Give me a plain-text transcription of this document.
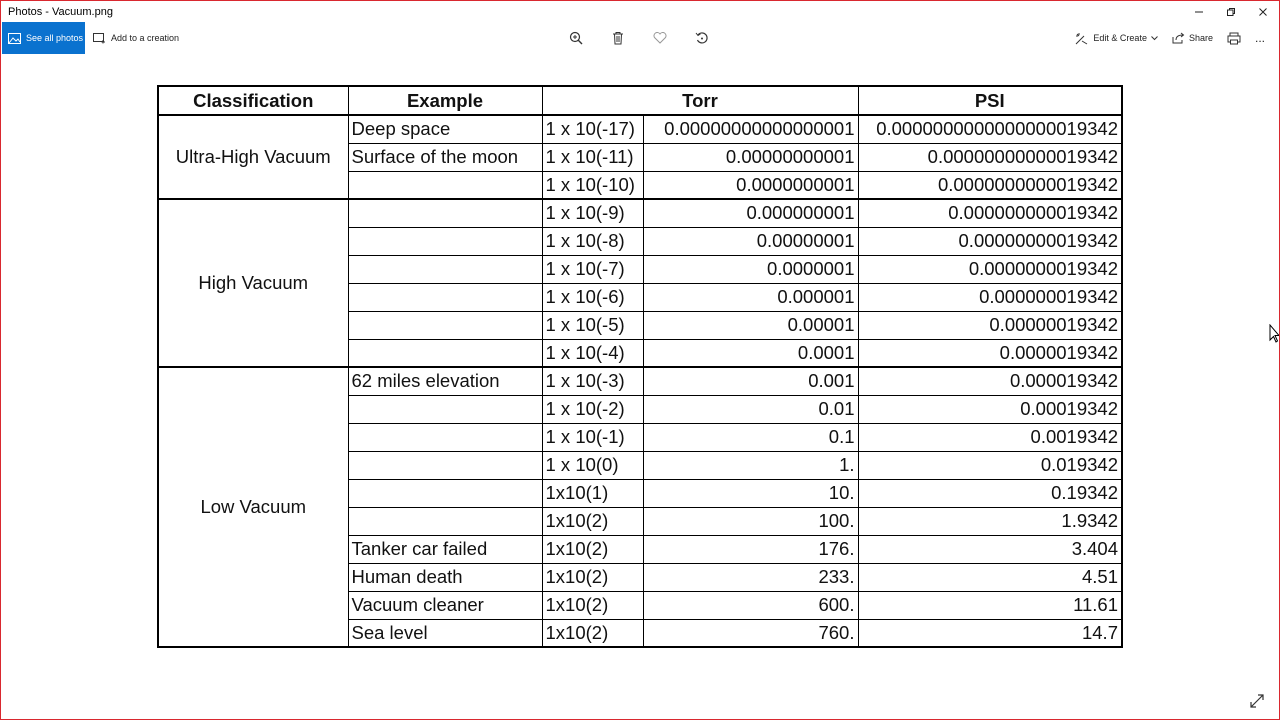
Photos - Vacuum.png
See all photos	Add to a creation	Edit & Create	Share	...
Classification	Example	Torr		PSI
Ultra-High Vacuum	Deep space	1 x 10(-17)	0.00000000000000001	0.0000000000000000019342
	Surface of the moon	1 x 10(-11)	0.00000000001	0.00000000000019342
		1 x 10(-10)	0.0000000001	0.0000000000019342
High Vacuum		1 x 10(-9)	0.000000001	0.000000000019342
		1 x 10(-8)	0.00000001	0.00000000019342
		1 x 10(-7)	0.0000001	0.0000000019342
		1 x 10(-6)	0.000001	0.000000019342
		1 x 10(-5)	0.00001	0.00000019342
		1 x 10(-4)	0.0001	0.0000019342
Low Vacuum	62 miles elevation	1 x 10(-3)	0.001	0.000019342
		1 x 10(-2)	0.01	0.00019342
		1 x 10(-1)	0.1	0.0019342
		1 x 10(0)	1.	0.019342
		1x10(1)	10.	0.19342
		1x10(2)	100.	1.9342
	Tanker car failed	1x10(2)	176.	3.404
	Human death	1x10(2)	233.	4.51
	Vacuum cleaner	1x10(2)	600.	11.61
	Sea level	1x10(2)	760.	14.7
